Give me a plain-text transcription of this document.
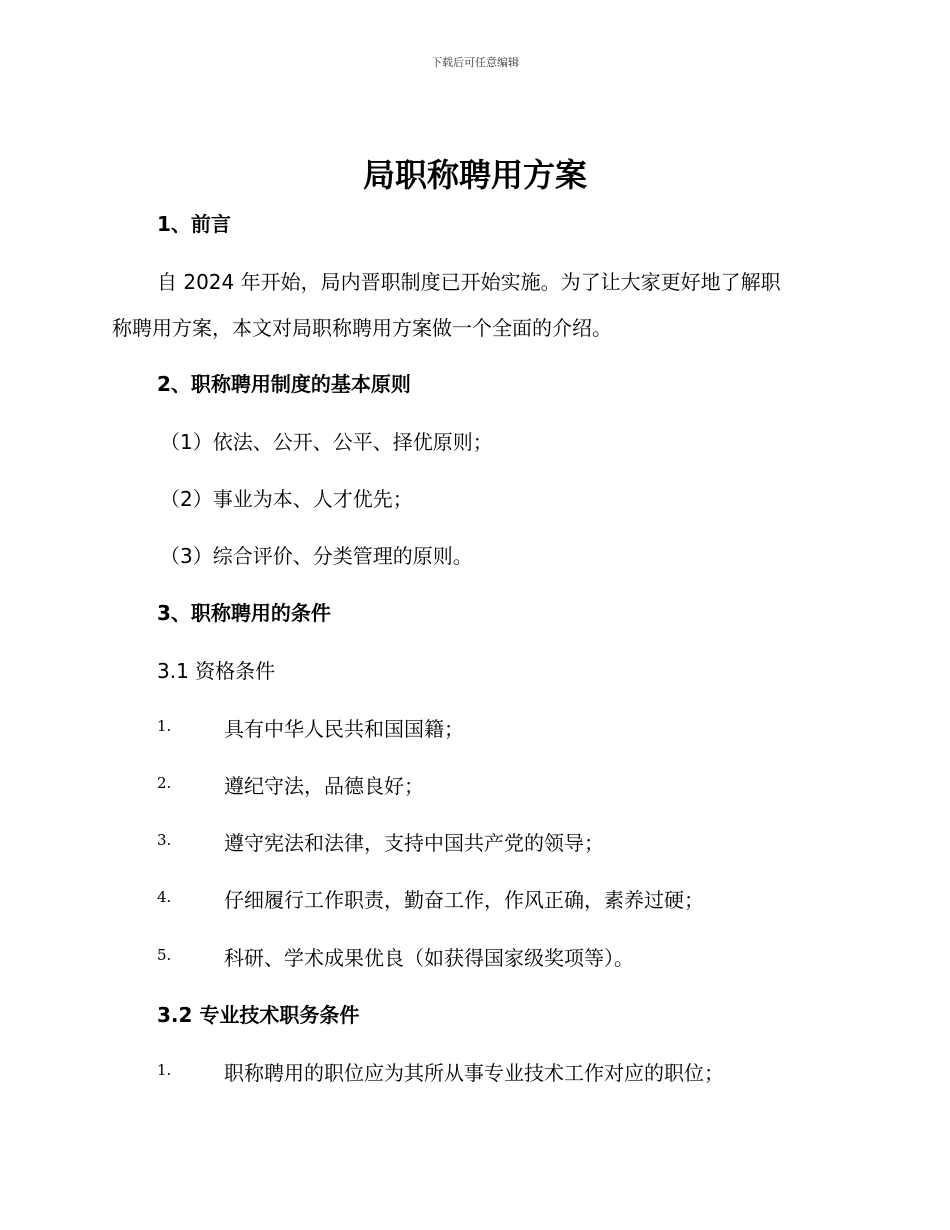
下载后可任意编辑
局职称聘用方案
1、前言
自 2024 年开始，局内晋职制度已开始实施。为了让大家更好地了解职
称聘用方案，本文对局职称聘用方案做一个全面的介绍。
2、职称聘用制度的基本原则
（1）依法、公开、公平、择优原则；
（2）事业为本、人才优先；
（3）综合评价、分类管理的原则。
3、职称聘用的条件
3.1 资格条件
1.	具有中华人民共和国国籍；
2.	遵纪守法，品德良好；
3.	遵守宪法和法律，支持中国共产党的领导；
4.	仔细履行工作职责，勤奋工作，作风正确，素养过硬；
5.	科研、学术成果优良（如获得国家级奖项等）。
3.2 专业技术职务条件
1.	职称聘用的职位应为其所从事专业技术工作对应的职位；
